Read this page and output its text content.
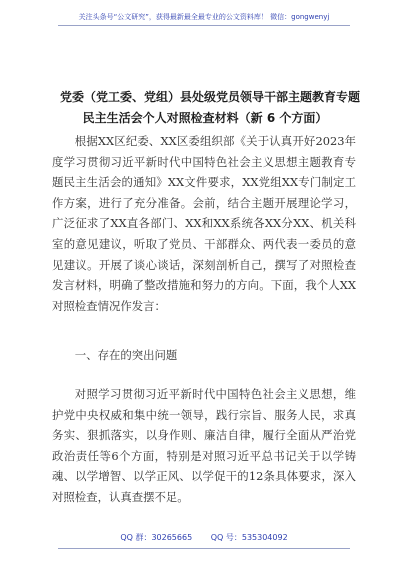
关注头条号“公文研究”，获得最新最全最专业的公文资料库！ 微信：gongwenyj
党委（党工委、党组）县处级党员领导干部主题教育专题
民主生活会个人对照检查材料（新 6 个方面）

根据XX区纪委、XX区委组织部《关于认真开好2023年度学习贯彻习近平新时代中国特色社会主义思想主题教育专题民主生活会的通知》XX文件要求，XX党组XX专门制定工作方案，进行了充分准备。会前，结合主题开展理论学习，广泛征求了XX直各部门、XX和XX系统各XX分XX、机关科室的意见建议，听取了党员、干部群众、两代表一委员的意见建议。开展了谈心谈话，深刻剖析自己，撰写了对照检查发言材料，明确了整改措施和努力的方向。下面，我个人XX对照检查情况作发言：

一、存在的突出问题

对照学习贯彻习近平新时代中国特色社会主义思想，维护党中央权威和集中统一领导，践行宗旨、服务人民，求真务实、狠抓落实，以身作则、廉洁自律，履行全面从严治党政治责任等6个方面，特别是对照习近平总书记关于以学铸魂、以学增智、以学正风、以学促干的12条具体要求，深入对照检查，认真查摆不足。

QQ 群：30265665 QQ 号：535304092
